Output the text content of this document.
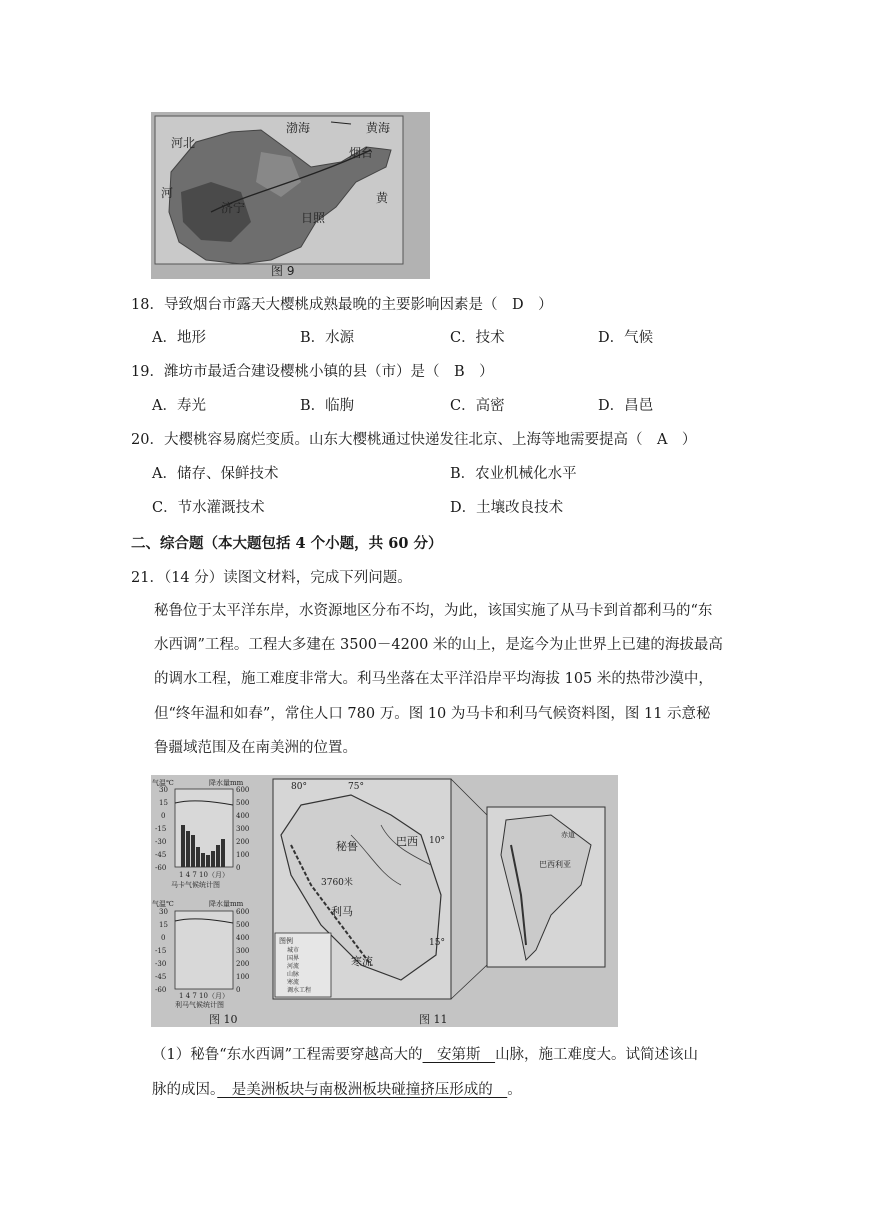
渤海	黄海
黄
烟台
河北
河
日照
济宁
图 9
18．导致烟台市露天大樱桃成熟最晚的主要影响因素是（　D　）
A．地形	B．水源	C．技术	D．气候
19．潍坊市最适合建设樱桃小镇的县（市）是（　B　）
A．寿光	B．临朐	C．高密	D．昌邑
20．大樱桃容易腐烂变质。山东大樱桃通过快递发往北京、上海等地需要提高（　A　）
A．储存、保鲜技术	B．农业机械化水平
C．节水灌溉技术	D．土壤改良技术
二、综合题（本大题包括 4 个小题，共 60 分）
21．（14 分）读图文材料，完成下列问题。
秘鲁位于太平洋东岸，水资源地区分布不均，为此，该国实施了从马卡到首都利马的“东
水西调”工程。工程大多建在 3500－4200 米的山上，是迄今为止世界上已建的海拔最高
的调水工程，施工难度非常大。利马坐落在太平洋沿岸平均海拔 105 米的热带沙漠中，
但“终年温和如春”，常住人口 780 万。图 10 为马卡和利马气候资料图，图 11 示意秘
鲁疆域范围及在南美洲的位置。
气温℃	降水量mm
30
15
0
-15
-30
-45
-60
600
500
400
300
200
100
0
1 4 7 10（月）
马卡气候统计图
气温℃	降水量mm
30
15
0
-15
-30
-45
-60
600
500
400
300
200
100
0
1 4 7 10（月）
利马气候统计图
图 10
80°	75°
10°
15°
秘鲁	巴西
3760米
利马
寒流
图例
城市
国界
河流
山脉
寒流
调水工程
巴西利亚
赤道
图 11
（1）秘鲁“东水西调”工程需要穿越高大的　安第斯　山脉，施工难度大。试简述该山
脉的成因。　是美洲板块与南极洲板块碰撞挤压形成的　。
